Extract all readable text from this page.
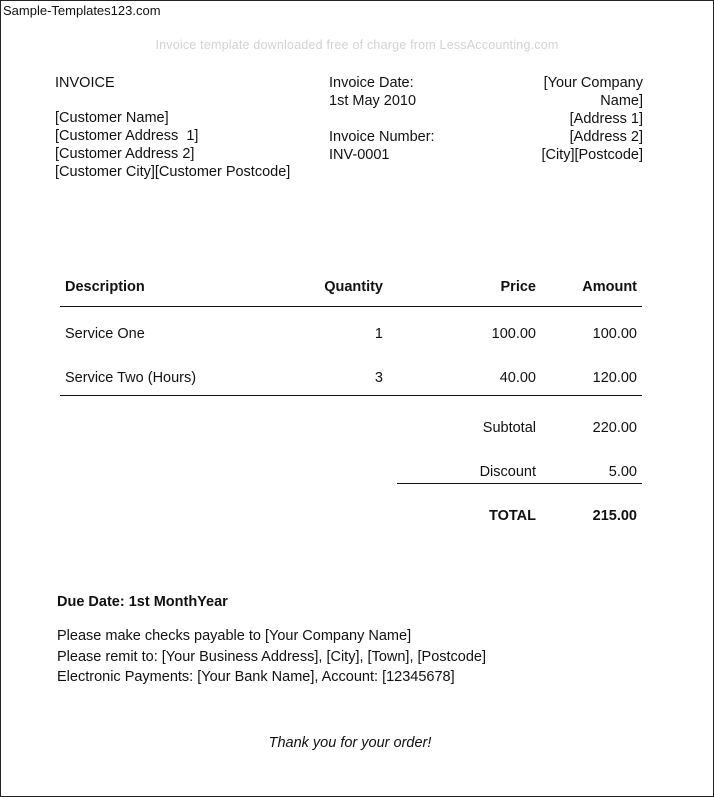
Sample-Templates123.com
Invoice template downloaded free of charge from LessAccounting.com
INVOICE
[Customer Name]
[Customer Address  1]
[Customer Address 2]
[Customer City][Customer Postcode]
Invoice Date:
1st May 2010
Invoice Number:
INV-0001
[Your Company
Name]
[Address 1]
[Address 2]
[City][Postcode]
Description	Quantity	Price	Amount

Service One	1	100.00	100.00
Service Two (Hours)	3	40.00	120.00

		Subtotal	220.00
		Discount	5.00
		TOTAL	215.00
Due Date: 1st MonthYear
Please make checks payable to [Your Company Name]
Please remit to: [Your Business Address], [City], [Town], [Postcode]
Electronic Payments: [Your Bank Name], Account: [12345678]
Thank you for your order!
